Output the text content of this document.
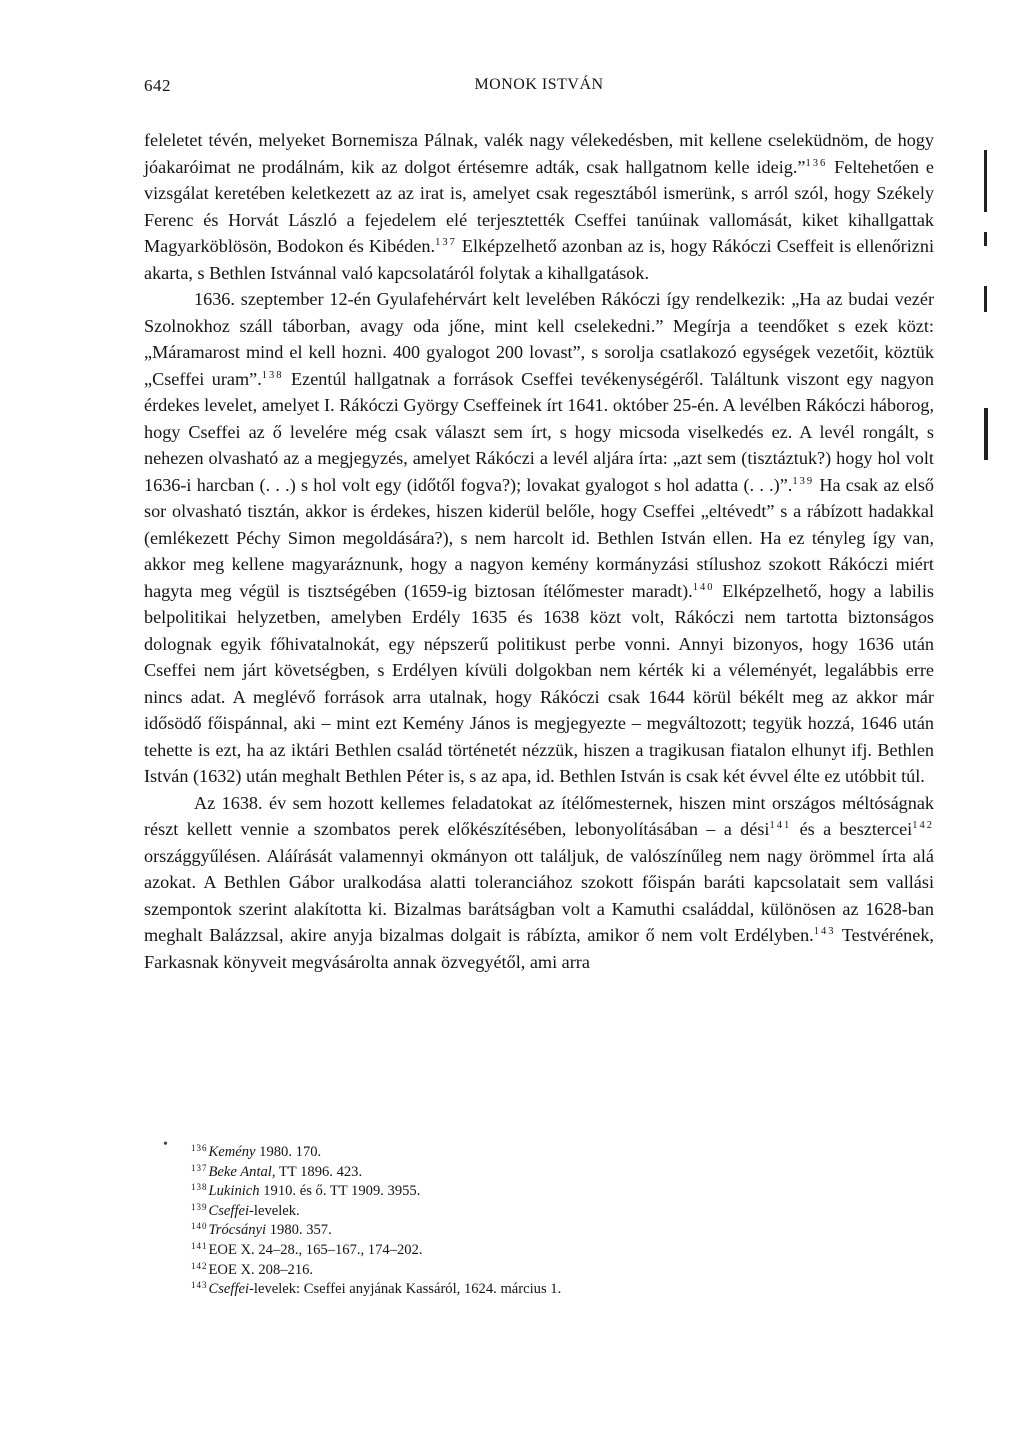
642	MONOK ISTVÁN

feleletet tévén, melyeket Bornemisza Pálnak, valék nagy vélekedésben, mit kellene cseleküdnöm, de hogy jóakaróimat ne prodálnám, kik az dolgot értésemre adták, csak hallgatnom kelle ideig.”$^{136}$ Feltehetően e vizsgálat keretében keletkezett az az irat is, amelyet csak regesztából ismerünk, s arról szól, hogy Székely Ferenc és Horvát László a fejedelem elé terjesztették Cseffei tanúinak vallomását, kiket kihallgattak Magyarköblösön, Bodokon és Kibéden.$^{137}$ Elképzelhető azonban az is, hogy Rákóczi Cseffeit is ellenőrizni akarta, s Bethlen Istvánnal való kapcsolatáról folytak a kihallgatások.

1636. szeptember 12-én Gyulafehérvárt kelt levelében Rákóczi így rendelkezik: „Ha az budai vezér Szolnokhoz száll táborban, avagy oda jőne, mint kell cselekedni.” Megírja a teendőket s ezek közt: „Máramarost mind el kell hozni. 400 gyalogot 200 lovast”, s sorolja csatlakozó egységek vezetőit, köztük „Cseffei uram”.$^{138}$ Ezentúl hallgatnak a források Cseffei tevékenységéről. Találtunk viszont egy nagyon érdekes levelet, amelyet I. Rákóczi György Cseffeinek írt 1641. október 25-én. A levélben Rákóczi háborog, hogy Cseffei az ő levelére még csak választ sem írt, s hogy micsoda viselkedés ez. A levél rongált, s nehezen olvasható az a megjegyzés, amelyet Rákóczi a levél aljára írta: „azt sem (tisztáztuk?) hogy hol volt 1636-i harcban (. . .) s hol volt egy (időtől fogva?); lovakat gyalogot s hol adatta (. . .)”.$^{139}$ Ha csak az első sor olvasható tisztán, akkor is érdekes, hiszen kiderül belőle, hogy Cseffei „eltévedt” s a rábízott hadakkal (emlékezett Péchy Simon megoldására?), s nem harcolt id. Bethlen István ellen. Ha ez tényleg így van, akkor meg kellene magyaráznunk, hogy a nagyon kemény kormányzási stílushoz szokott Rákóczi miért hagyta meg végül is tisztségében (1659-ig biztosan ítélőmester maradt).$^{140}$ Elképzelhető, hogy a labilis belpolitikai helyzetben, amelyben Erdély 1635 és 1638 közt volt, Rákóczi nem tartotta biztonságos dolognak egyik főhivatalnokát, egy népszerű politikust perbe vonni. Annyi bizonyos, hogy 1636 után Cseffei nem járt követségben, s Erdélyen kívüli dolgokban nem kérték ki a véleményét, legalábbis erre nincs adat. A meglévő források arra utalnak, hogy Rákóczi csak 1644 körül békélt meg az akkor már idősödő főispánnal, aki – mint ezt Kemény János is megjegyezte – megváltozott; tegyük hozzá, 1646 után tehette is ezt, ha az iktári Bethlen család történetét nézzük, hiszen a tragikusan fiatalon elhunyt ifj. Bethlen István (1632) után meghalt Bethlen Péter is, s az apa, id. Bethlen István is csak két évvel élte ez utóbbit túl.

Az 1638. év sem hozott kellemes feladatokat az ítélőmesternek, hiszen mint országos méltóságnak részt kellett vennie a szombatos perek előkészítésében, lebonyolításában – a dési$^{141}$ és a besztercei$^{142}$ országgyűlésen. Aláírását valamennyi okmányon ott találjuk, de valószínűleg nem nagy örömmel írta alá azokat. A Bethlen Gábor uralkodása alatti toleranciához szokott főispán baráti kapcsolatait sem vallási szempontok szerint alakította ki. Bizalmas barátságban volt a Kamuthi családdal, különösen az 1628-ban meghalt Balázzsal, akire anyja bizalmas dolgait is rábízta, amikor ő nem volt Erdélyben.$^{143}$ Testvérének, Farkasnak könyveit megvásárolta annak özvegyétől, ami arra

•	$^{136}$Kemény 1980. 170.
$^{137}$Beke Antal, TT 1896. 423.
$^{138}$Lukinich 1910. és ő. TT 1909. 3955.
$^{139}$Cseffei-levelek.
$^{140}$Trócsányi 1980. 357.
$^{141}$EOE X. 24–28., 165–167., 174–202.
$^{142}$EOE X. 208–216.
$^{143}$Cseffei-levelek: Cseffei anyjának Kassáról, 1624. március 1.
